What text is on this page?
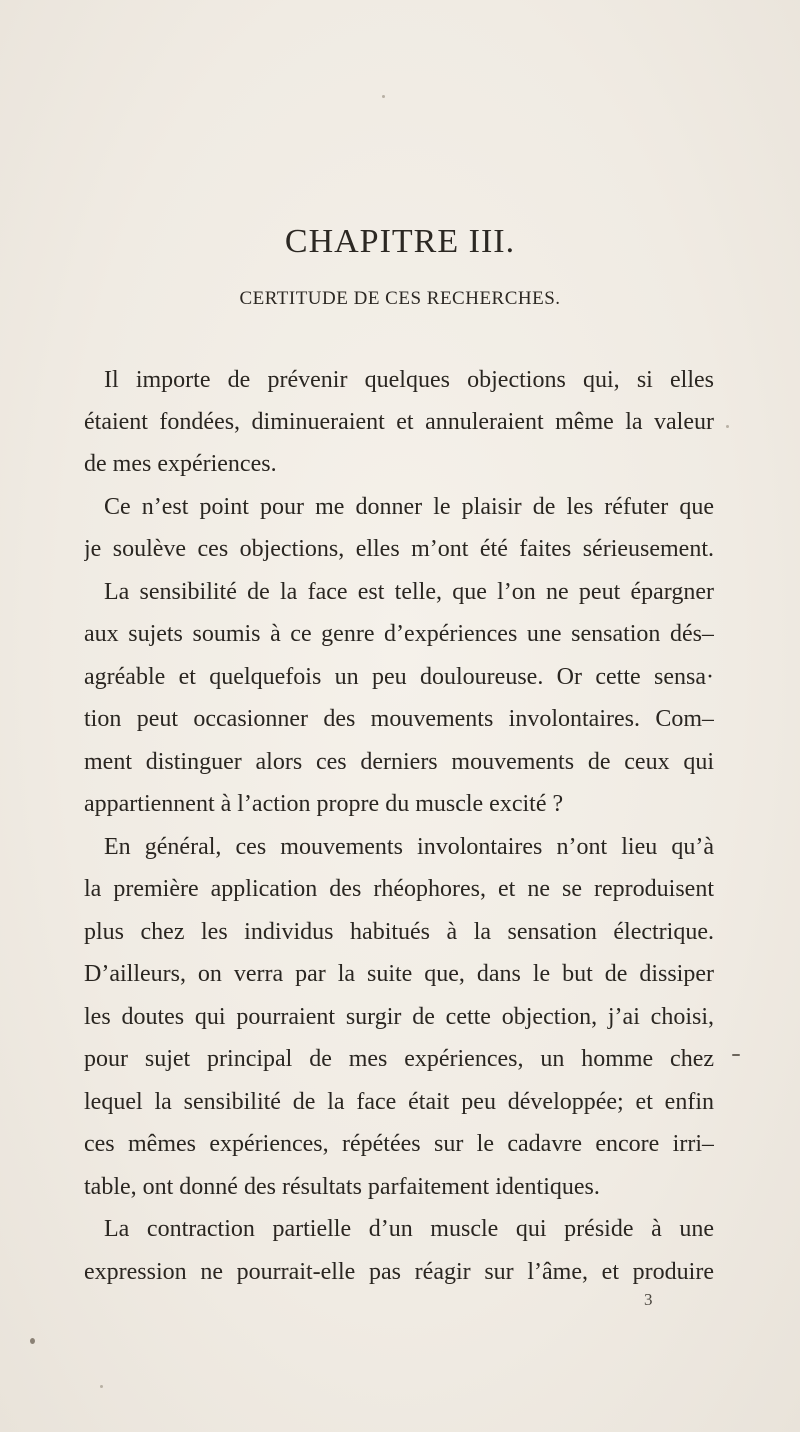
CHAPITRE III.
CERTITUDE DE CES RECHERCHES.
Il importe de prévenir quelques objections qui, si elles
étaient fondées, diminueraient et annuleraient même la valeur
de mes expériences.
Ce n’est point pour me donner le plaisir de les réfuter que
je soulève ces objections, elles m’ont été faites sérieusement.
La sensibilité de la face est telle, que l’on ne peut épargner
aux sujets soumis à ce genre d’expériences une sensation dés–
agréable et quelquefois un peu douloureuse. Or cette sensa·
tion peut occasionner des mouvements involontaires. Com–
ment distinguer alors ces derniers mouvements de ceux qui
appartiennent à l’action propre du muscle excité ?
En général, ces mouvements involontaires n’ont lieu qu’à
la première application des rhéophores, et ne se reproduisent
plus chez les individus habitués à la sensation électrique.
D’ailleurs, on verra par la suite que, dans le but de dissiper
les doutes qui pourraient surgir de cette objection, j’ai choisi,
pour sujet principal de mes expériences, un homme chez
lequel la sensibilité de la face était peu développée; et enfin
ces mêmes expériences, répétées sur le cadavre encore irri–
table, ont donné des résultats parfaitement identiques.
La contraction partielle d’un muscle qui préside à une
expression ne pourrait-elle pas réagir sur l’âme, et produire
3
